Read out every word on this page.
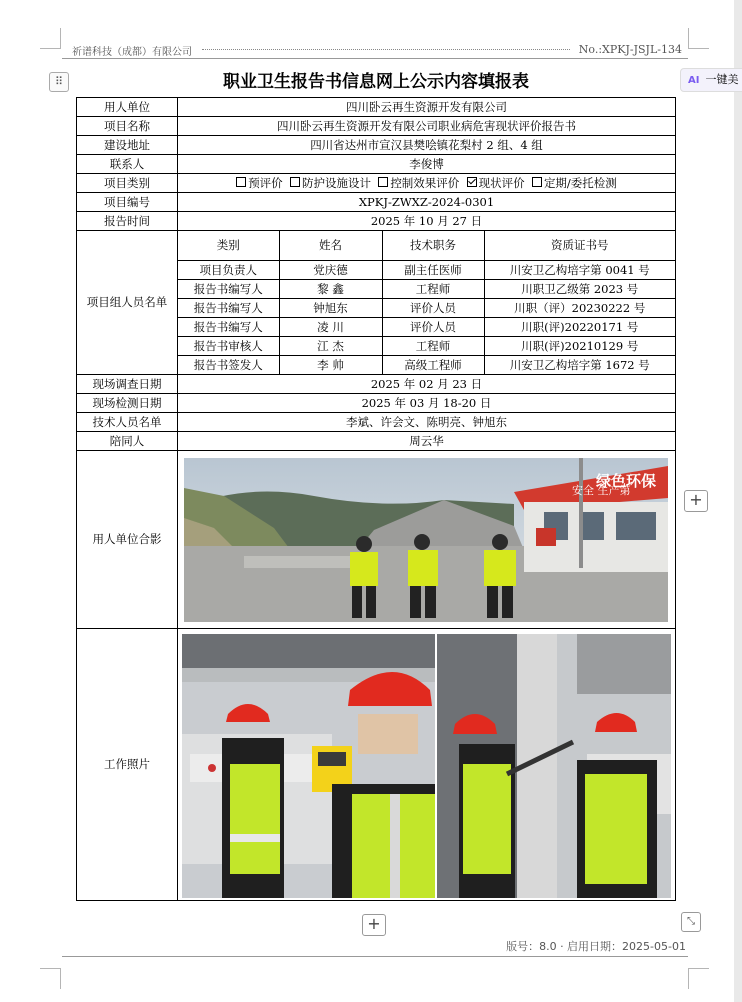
祈谱科技（成都）有限公司	No.:XPKJ-JSJL-134
⠿	职业卫生报告书信息网上公示内容填报表
用人单位	四川卧云再生资源开发有限公司
项目名称	四川卧云再生资源开发有限公司职业病危害现状评价报告书
建设地址	四川省达州市宣汉县樊哙镇花梨村 2 组、4 组
联系人	李俊博
项目类别	预评价 防护设施设计 控制效果评价 现状评价 定期/委托检测
项目编号	XPKJ-ZWXZ-2024-0301
报告时间	2025 年 10 月 27 日
项目组人员名单	
类别	姓名	技术职务	资质证书号
项目负责人	党庆德	副主任医师	川安卫乙构培字第 0041 号
报告书编写人	黎 鑫	工程师	川职卫乙级第 2023 号
报告书编写人	钟旭东	评价人员	川职（评）20230222 号
报告书编写人	凌 川	评价人员	川职(评)20220171 号
报告书审核人	江 杰	工程师	川职(评)20210129 号
报告书签发人	李 帅	高级工程师	川安卫乙构培字第 1672 号

现场调查日期	2025 年 02 月 23 日
现场检测日期	2025 年 03 月 18-20 日
技术人员名单	李斌、许会文、陈明亮、钟旭东
陪同人	周云华
用人单位合影	
安全 生产第
绿色环保

工作照片	
+
+	⤡
版号：8.0 · 启用日期：2025-05-01
AI 一键美
